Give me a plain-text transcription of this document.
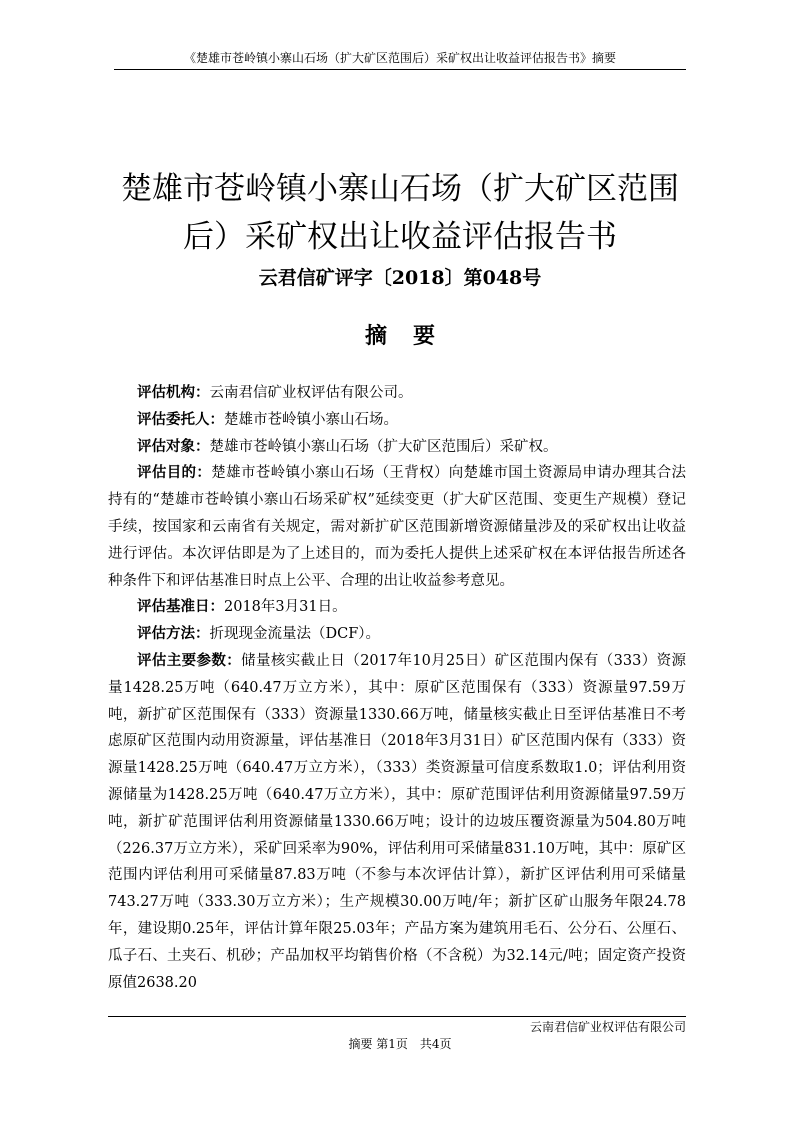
《楚雄市苍岭镇小寨山石场（扩大矿区范围后）采矿权出让收益评估报告书》摘要
楚雄市苍岭镇小寨山石场（扩大矿区范围
后）采矿权出让收益评估报告书
云君信矿评字〔2018〕第048号
摘要

评估机构：云南君信矿业权评估有限公司。

评估委托人：楚雄市苍岭镇小寨山石场。

评估对象：楚雄市苍岭镇小寨山石场（扩大矿区范围后）采矿权。

评估目的：楚雄市苍岭镇小寨山石场（王背权）向楚雄市国土资源局申请办理其合法持有的“楚雄市苍岭镇小寨山石场采矿权”延续变更（扩大矿区范围、变更生产规模）登记手续，按国家和云南省有关规定，需对新扩矿区范围新增资源储量涉及的采矿权出让收益进行评估。本次评估即是为了上述目的，而为委托人提供上述采矿权在本评估报告所述各种条件下和评估基准日时点上公平、合理的出让收益参考意见。

评估基准日：2018年3月31日。

评估方法：折现现金流量法（DCF）。

评估主要参数：储量核实截止日（2017年10月25日）矿区范围内保有（333）资源量1428.25万吨（640.47万立方米），其中：原矿区范围保有（333）资源量97.59万吨，新扩矿区范围保有（333）资源量1330.66万吨，储量核实截止日至评估基准日不考虑原矿区范围内动用资源量，评估基准日（2018年3月31日）矿区范围内保有（333）资源量1428.25万吨（640.47万立方米），（333）类资源量可信度系数取1.0；评估利用资源储量为1428.25万吨（640.47万立方米），其中：原矿范围评估利用资源储量97.59万吨，新扩矿范围评估利用资源储量1330.66万吨；设计的边坡压覆资源量为504.80万吨（226.37万立方米），采矿回采率为90%，评估利用可采储量831.10万吨，其中：原矿区范围内评估利用可采储量87.83万吨（不参与本次评估计算），新扩区评估利用可采储量743.27万吨（333.30万立方米）；生产规模30.00万吨/年；新扩区矿山服务年限24.78年，建设期0.25年，评估计算年限25.03年；产品方案为建筑用毛石、公分石、公厘石、瓜子石、土夹石、机砂；产品加权平均销售价格（不含税）为32.14元/吨；固定资产投资原值2638.20

云南君信矿业权评估有限公司
摘要 第1页　共4页
